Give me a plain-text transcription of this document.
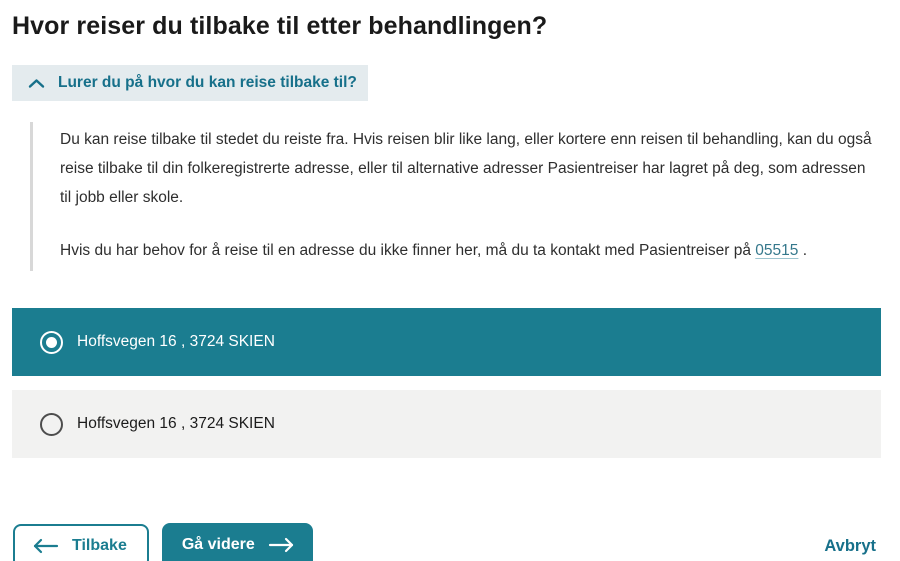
Hvor reiser du tilbake til etter behandlingen?
Lurer du på hvor du kan reise tilbake til?

Du kan reise tilbake til stedet du reiste fra. Hvis reisen blir like lang, eller kortere enn reisen til behandling, kan du også reise tilbake til din folkeregistrerte adresse, eller til alternative adresser Pasientreiser har lagret på deg, som adressen til jobb eller skole.

Hvis du har behov for å reise til en adresse du ikke finner her, må du ta kontakt med Pasientreiser på 05515 .

Hoffsvegen 16 , 3724 SKIEN
Hoffsvegen 16 , 3724 SKIEN
Tilbake	Gå videre	Avbryt
